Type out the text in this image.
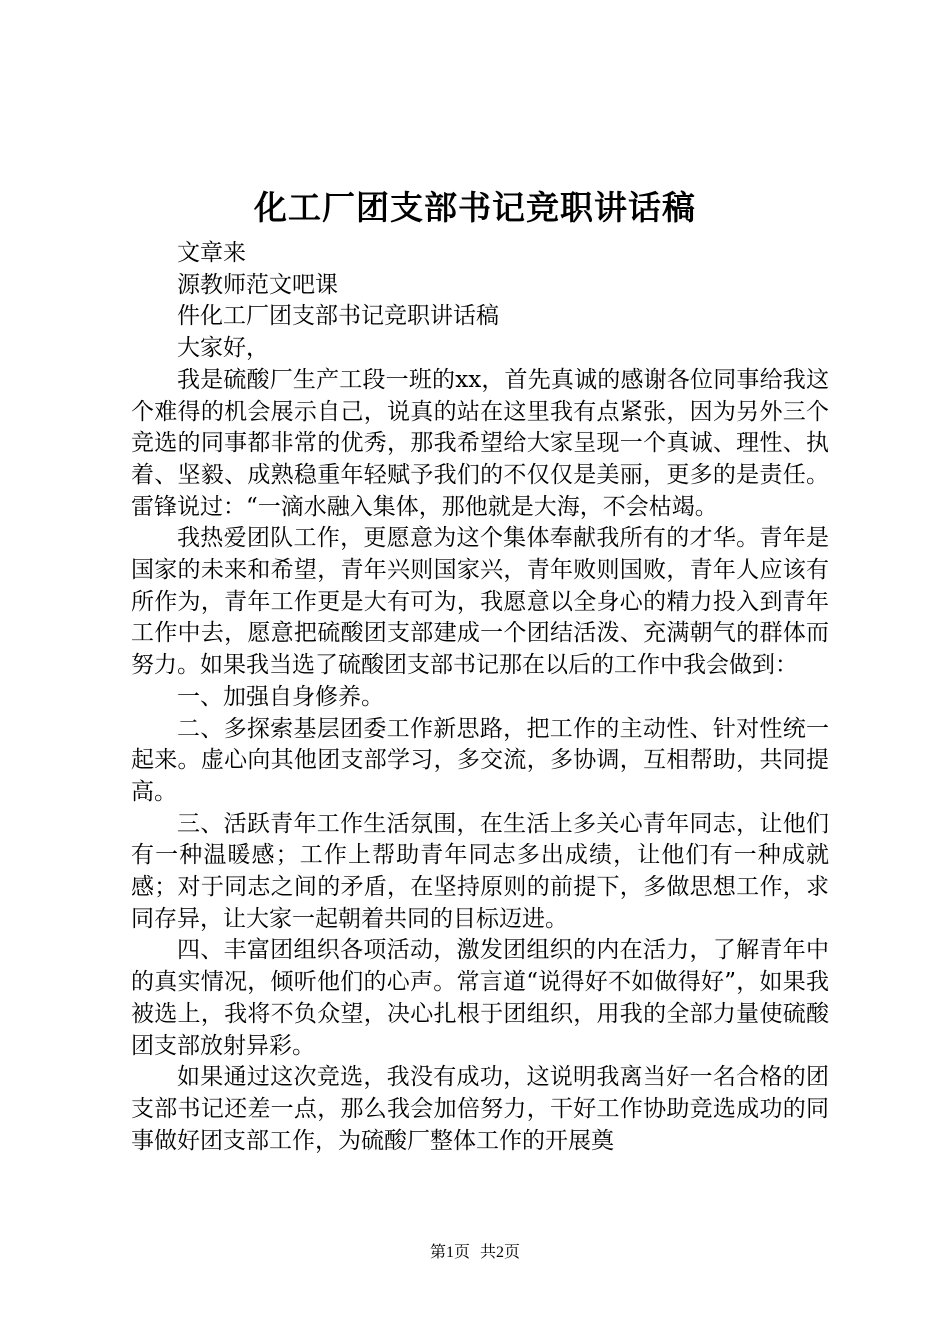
化工厂团支部书记竞职讲话稿

文章来

源教师范文吧课

件化工厂团支部书记竞职讲话稿

大家好，

我是硫酸厂生产工段一班的xx，首先真诚的感谢各位同事给我这个难得的机会展示自己，说真的站在这里我有点紧张，因为另外三个竞选的同事都非常的优秀，那我希望给大家呈现一个真诚、理性、执着、坚毅、成熟稳重年轻赋予我们的不仅仅是美丽，更多的是责任。雷锋说过：“一滴水融入集体，那他就是大海，不会枯竭。

我热爱团队工作，更愿意为这个集体奉献我所有的才华。青年是国家的未来和希望，青年兴则国家兴，青年败则国败，青年人应该有所作为，青年工作更是大有可为，我愿意以全身心的精力投入到青年工作中去，愿意把硫酸团支部建成一个团结活泼、充满朝气的群体而努力。如果我当选了硫酸团支部书记那在以后的工作中我会做到：

一、加强自身修养。

二、多探索基层团委工作新思路，把工作的主动性、针对性统一起来。虚心向其他团支部学习，多交流，多协调，互相帮助，共同提高。

三、活跃青年工作生活氛围，在生活上多关心青年同志，让他们有一种温暖感；工作上帮助青年同志多出成绩，让他们有一种成就感；对于同志之间的矛盾，在坚持原则的前提下，多做思想工作，求同存异，让大家一起朝着共同的目标迈进。

四、丰富团组织各项活动，激发团组织的内在活力，了解青年中的真实情况，倾听他们的心声。常言道“说得好不如做得好”，如果我被选上，我将不负众望，决心扎根于团组织，用我的全部力量使硫酸团支部放射异彩。

如果通过这次竞选，我没有成功，这说明我离当好一名合格的团支部书记还差一点，那么我会加倍努力，干好工作协助竞选成功的同事做好团支部工作，为硫酸厂整体工作的开展奠

第1页 共2页
